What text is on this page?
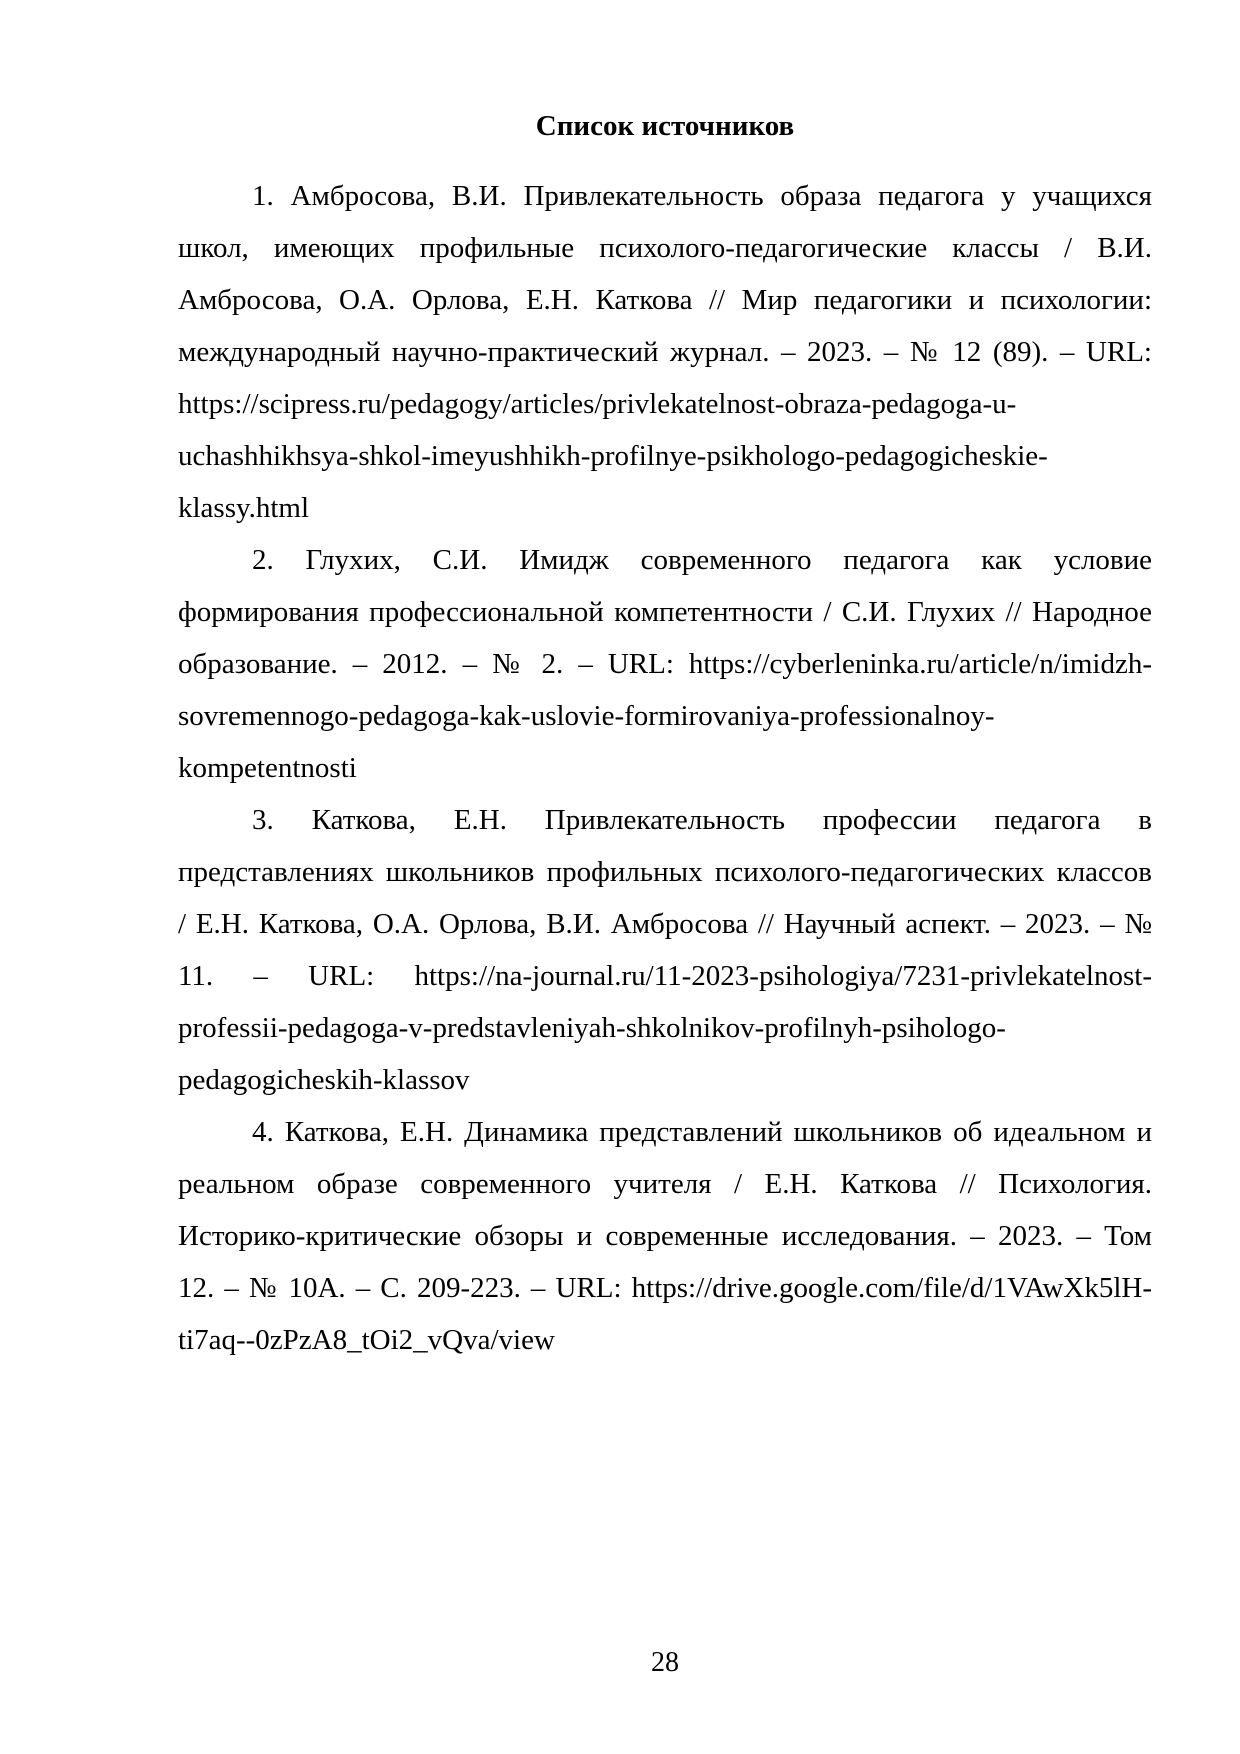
Список источников

1. Амбросова, В.И. Привлекательность образа педагога у учащихся школ, имеющих профильные психолого-педагогические классы / В.И. Амбросова, О.А. Орлова, Е.Н. Каткова // Мир педагогики и психологии: международный научно-практический журнал. – 2023. – № 12 (89). – URL: https://scipress.ru/pedagogy/articles/privlekatelnost-obraza-pedagoga-u-uchashhikhsya-shkol-imeyushhikh-profilnye-psikhologo-pedagogicheskie-klassy.html

2. Глухих, С.И. Имидж современного педагога как условие формирования профессиональной компетентности / С.И. Глухих // Народное образование. – 2012. – № 2. – URL: https://cyberleninka.ru/article/n/imidzh-sovremennogo-pedagoga-kak-uslovie-formirovaniya-professionalnoy-kompetentnosti

3. Каткова, Е.Н. Привлекательность профессии педагога в представлениях школьников профильных психолого-педагогических классов / Е.Н. Каткова, О.А. Орлова, В.И. Амбросова // Научный аспект. – 2023. – № 11. – URL: https://na-journal.ru/11-2023-psihologiya/7231-privlekatelnost-professii-pedagoga-v-predstavleniyah-shkolnikov-profilnyh-psihologo-pedagogicheskih-klassov

4. Каткова, Е.Н. Динамика представлений школьников об идеальном и реальном образе современного учителя / Е.Н. Каткова // Психология. Историко-критические обзоры и современные исследования. – 2023. – Том 12. – № 10А. – С. 209-223. – URL: https://drive.google.com/file/d/1VAwXk5lH-ti7aq--0zPzA8_tOi2_vQva/view

28
